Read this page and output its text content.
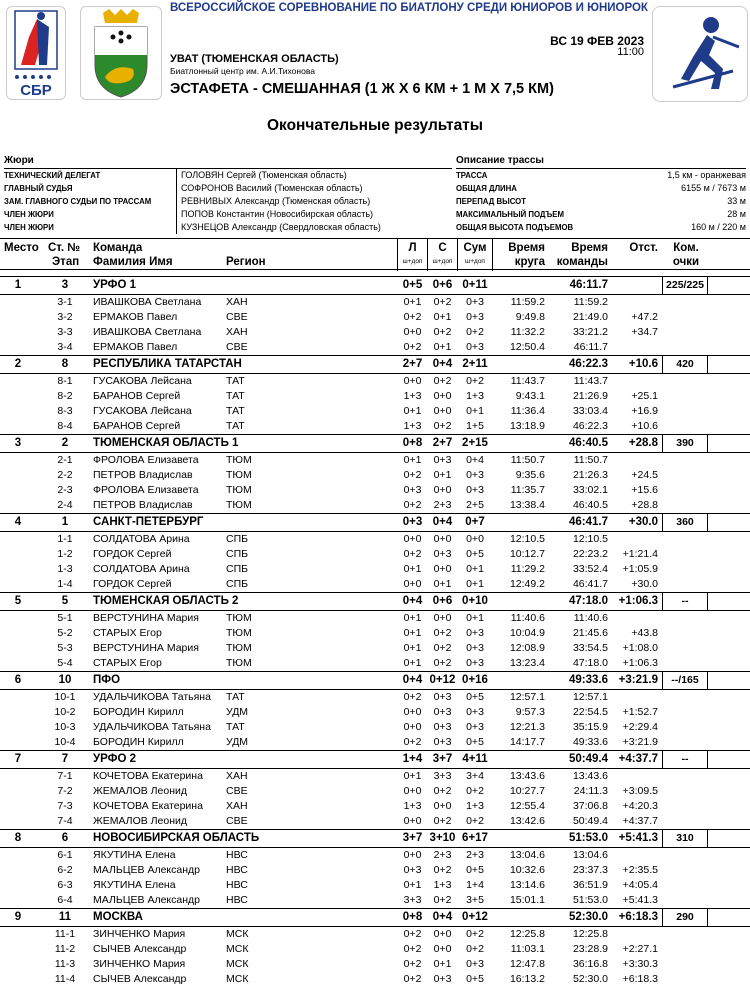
СБР
ВСЕРОССИЙСКОЕ СОРЕВНОВАНИЕ ПО БИАТЛОНУ СРЕДИ ЮНИОРОВ И ЮНИОРОК
ВС 19 ФЕВ 2023
11:00
УВАТ (ТЮМЕНСКАЯ ОБЛАСТЬ)
Биатлонный центр им. А.И.Тихонова
ЭСТАФЕТА - СМЕШАННАЯ (1 Ж Х 6 КМ + 1 М Х 7,5 КМ)
Окончательные результаты
Жюри	Описание трассы
ТЕХНИЧЕСКИЙ ДЕЛЕГАТ	ГОЛОВЯН Сергей (Тюменская область)
ГЛАВНЫЙ СУДЬЯ	СОФРОНОВ Василий (Тюменская область)
ЗАМ. ГЛАВНОГО СУДЬИ ПО ТРАССАМ	РЕВНИВЫХ Александр (Тюменская область)
ЧЛЕН ЖЮРИ	ПОПОВ Константин (Новосибирская область)
ЧЛЕН ЖЮРИ	КУЗНЕЦОВ Александр (Свердловская область)
ТРАССА	1,5 км - оранжевая
ОБЩАЯ ДЛИНА	6155 м / 7673 м
ПЕРЕПАД ВЫСОТ	33 м
МАКСИМАЛЬНЫЙ ПОДЪЕМ	28 м
ОБЩАЯ ВЫСОТА ПОДЪЕМОВ	160 м / 220 м
Место Ст. №
Этап
Команда
Фамилия Имя	Регион
Л
ш+доп
С
ш+доп
Сум
ш+доп
Время
круга
Время
команды
Отст.	Ком.
очки
1	3	УРФО 1	0+5 0+6 0+11	46:11.7	225/225
3-1	ИВАШКОВА Светлана ХАН	0+1	0+2	0+3	11:59.2	11:59.2
3-2	ЕРМАКОВ Павел	СВЕ	0+2	0+1	0+3	9:49.8	21:49.0	+47.2
3-3	ИВАШКОВА Светлана ХАН	0+0	0+2	0+2	11:32.2	33:21.2	+34.7
3-4	ЕРМАКОВ Павел	СВЕ	0+2	0+1	0+3	12:50.4	46:11.7
2	8	РЕСПУБЛИКА ТАТАРСТАН	2+7 0+4 2+11	46:22.3	+10.6	420
8-1	ГУСАКОВА Лейсана	ТАТ	0+0	0+2	0+2	11:43.7	11:43.7
8-2	БАРАНОВ Сергей	ТАТ	1+3	0+0	1+3	9:43.1	21:26.9	+25.1
8-3	ГУСАКОВА Лейсана	ТАТ	0+1	0+0	0+1	11:36.4	33:03.4	+16.9
8-4	БАРАНОВ Сергей	ТАТ	1+3	0+2	1+5	13:18.9	46:22.3	+10.6
3	2	ТЮМЕНСКАЯ ОБЛАСТЬ 1	0+8 2+7 2+15	46:40.5	+28.8	390
2-1	ФРОЛОВА Елизавета	ТЮМ	0+1	0+3	0+4	11:50.7	11:50.7
2-2	ПЕТРОВ Владислав	ТЮМ	0+2	0+1	0+3	9:35.6	21:26.3	+24.5
2-3	ФРОЛОВА Елизавета	ТЮМ	0+3	0+0	0+3	11:35.7	33:02.1	+15.6
2-4	ПЕТРОВ Владислав	ТЮМ	0+2	2+3	2+5	13:38.4	46:40.5	+28.8
4	1	САНКТ-ПЕТЕРБУРГ	0+3 0+4	0+7	46:41.7	+30.0	360
1-1	СОЛДАТОВА Арина	СПБ	0+0	0+0	0+0	12:10.5	12:10.5
1-2	ГОРДОК Сергей	СПБ	0+2	0+3	0+5	10:12.7	22:23.2	+1:21.4
1-3	СОЛДАТОВА Арина	СПБ	0+1	0+0	0+1	11:29.2	33:52.4	+1:05.9
1-4	ГОРДОК Сергей	СПБ	0+0	0+1	0+1	12:49.2	46:41.7	+30.0
5	5	ТЮМЕНСКАЯ ОБЛАСТЬ 2	0+4 0+6 0+10	47:18.0 +1:06.3	--
5-1	ВЕРСТУНИНА Мария	ТЮМ	0+1	0+0	0+1	11:40.6	11:40.6
5-2	СТАРЫХ Егор	ТЮМ	0+1	0+2	0+3	10:04.9	21:45.6	+43.8
5-3	ВЕРСТУНИНА Мария	ТЮМ	0+1	0+2	0+3	12:08.9	33:54.5	+1:08.0
5-4	СТАРЫХ Егор	ТЮМ	0+1	0+2	0+3	13:23.4	47:18.0	+1:06.3
6	10	ПФО	0+4 0+12 0+16	49:33.6 +3:21.9	--/165
10-1	УДАЛЬЧИКОВА Татьяна ТАТ	0+2	0+3	0+5	12:57.1	12:57.1
10-2	БОРОДИН Кирилл	УДМ	0+0	0+3	0+3	9:57.3	22:54.5	+1:52.7
10-3	УДАЛЬЧИКОВА Татьяна ТАТ	0+0	0+3	0+3	12:21.3	35:15.9	+2:29.4
10-4	БОРОДИН Кирилл	УДМ	0+2	0+3	0+5	14:17.7	49:33.6	+3:21.9
7	7	УРФО 2	1+4 3+7 4+11	50:49.4 +4:37.7	--
7-1	КОЧЕТОВА Екатерина ХАН	0+1	3+3	3+4	13:43.6	13:43.6
7-2	ЖЕМАЛОВ Леонид	СВЕ	0+0	0+2	0+2	10:27.7	24:11.3	+3:09.5
7-3	КОЧЕТОВА Екатерина ХАН	1+3	0+0	1+3	12:55.4	37:06.8	+4:20.3
7-4	ЖЕМАЛОВ Леонид	СВЕ	0+0	0+2	0+2	13:42.6	50:49.4	+4:37.7
8	6	НОВОСИБИРСКАЯ ОБЛАСТЬ	3+7 3+10 6+17	51:53.0 +5:41.3	310
6-1	ЯКУТИНА Елена	НВС	0+0	2+3	2+3	13:04.6	13:04.6
6-2	МАЛЬЦЕВ Александр НВС	0+3	0+2	0+5	10:32.6	23:37.3	+2:35.5
6-3	ЯКУТИНА Елена	НВС	0+1	1+3	1+4	13:14.6	36:51.9	+4:05.4
6-4	МАЛЬЦЕВ Александр НВС	3+3	0+2	3+5	15:01.1	51:53.0	+5:41.3
9	11	МОСКВА	0+8 0+4 0+12	52:30.0 +6:18.3	290
11-1	ЗИНЧЕНКО Мария	МСК	0+2	0+0	0+2	12:25.8	12:25.8
11-2	СЫЧЕВ Александр	МСК	0+2	0+0	0+2	11:03.1	23:28.9	+2:27.1
11-3	ЗИНЧЕНКО Мария	МСК	0+2	0+1	0+3	12:47.8	36:16.8	+3:30.3
11-4	СЫЧЕВ Александр	МСК	0+2	0+3	0+5	16:13.2	52:30.0	+6:18.3
